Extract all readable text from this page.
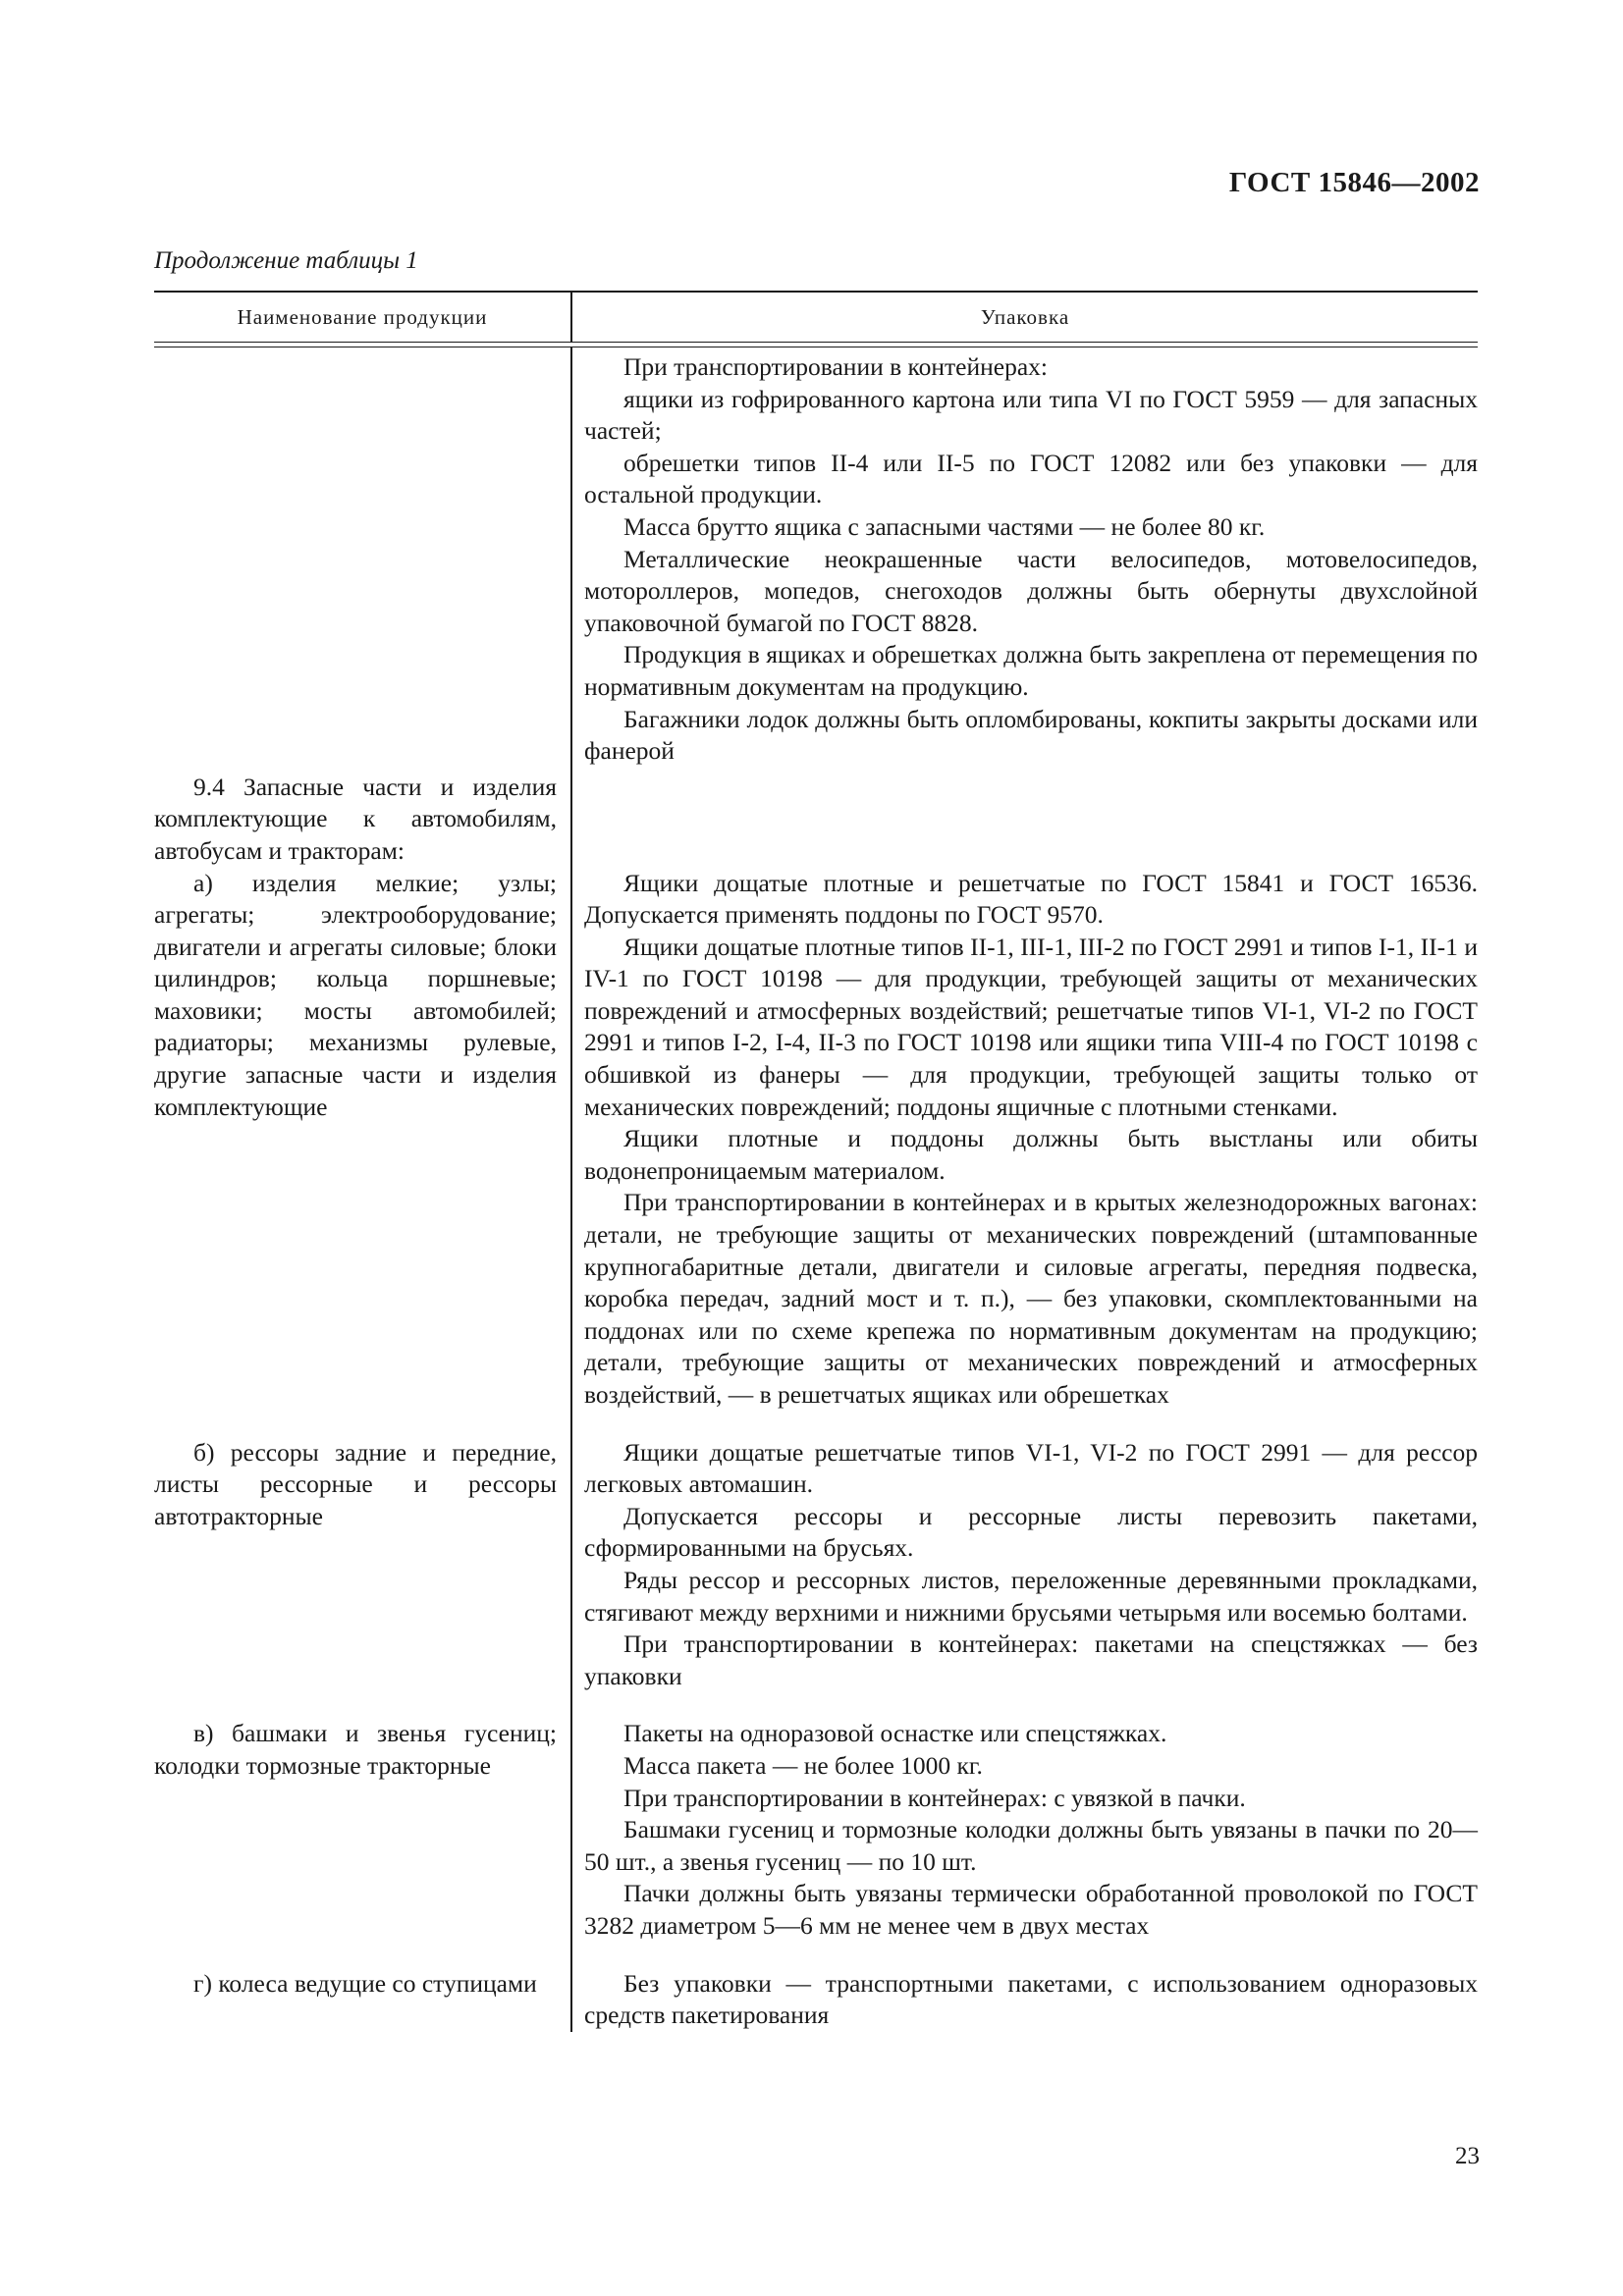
ГОСТ 15846—2002
Продолжение таблицы 1
Наименование продукции	Упаковка

При транспортировании в контейнерах:

ящики из гофрированного картона или типа VI по ГОСТ 5959 — для запасных частей;

обрешетки типов II-4 или II-5 по ГОСТ 12082 или без упаковки — для остальной продукции.

Масса брутто ящика с запасными частями — не более 80 кг.

Металлические неокрашенные части велосипедов, мотовелосипедов, мотороллеров, мопедов, снегоходов должны быть обернуты двухслойной упаковочной бумагой по ГОСТ 8828.

Продукция в ящиках и обрешетках должна быть закреплена от перемещения по нормативным документам на продукцию.

Багажники лодок должны быть опломбированы, кокпиты закрыты досками или фанерой

9.4 Запасные части и изделия комплектующие к автомобилям, автобусам и тракторам:

а) изделия мелкие; узлы; агрегаты; электрооборудование; двигатели и агрегаты силовые; блоки цилиндров; кольца поршневые; маховики; мосты автомобилей; радиаторы; механизмы рулевые, другие запасные части и изделия комплектующие

Ящики дощатые плотные и решетчатые по ГОСТ 15841 и ГОСТ 16536. Допускается применять поддоны по ГОСТ 9570.

Ящики дощатые плотные типов II-1, III-1, III-2 по ГОСТ 2991 и типов I-1, II-1 и IV-1 по ГОСТ 10198 — для продукции, требующей защиты от механических повреждений и атмосферных воздействий; решетчатые типов VI-1, VI-2 по ГОСТ 2991 и типов I-2, I-4, II-3 по ГОСТ 10198 или ящики типа VIII-4 по ГОСТ 10198 с обшивкой из фанеры — для продукции, требующей защиты только от механических повреждений; поддоны ящичные с плотными стенками.

Ящики плотные и поддоны должны быть выстланы или обиты водонепроницаемым материалом.

При транспортировании в контейнерах и в крытых железнодорожных вагонах: детали, не требующие защиты от механических повреждений (штампованные крупногабаритные детали, двигатели и силовые агрегаты, передняя подвеска, коробка передач, задний мост и т. п.), — без упаковки, скомплектованными на поддонах или по схеме крепежа по нормативным документам на продукцию; детали, требующие защиты от механических повреждений и атмосферных воздействий, — в решетчатых ящиках или обрешетках

б) рессоры задние и передние, листы рессорные и рессоры автотракторные

Ящики дощатые решетчатые типов VI-1, VI-2 по ГОСТ 2991 — для рессор легковых автомашин.

Допускается рессоры и рессорные листы перевозить пакетами, сформированными на брусьях.

Ряды рессор и рессорных листов, переложенные деревянными прокладками, стягивают между верхними и нижними брусьями четырьмя или восемью болтами.

При транспортировании в контейнерах: пакетами на спецстяжках — без упаковки

в) башмаки и звенья гусениц; колодки тормозные тракторные

Пакеты на одноразовой оснастке или спецстяжках.

Масса пакета — не более 1000 кг.

При транспортировании в контейнерах: с увязкой в пачки.

Башмаки гусениц и тормозные колодки должны быть увязаны в пачки по 20—50 шт., а звенья гусениц — по 10 шт.

Пачки должны быть увязаны термически обработанной проволокой по ГОСТ 3282 диаметром 5—6 мм не менее чем в двух местах

г) колеса ведущие со ступицами	Без упаковки — транспортными пакетами, с использованием одноразовых средств пакетирования

23
